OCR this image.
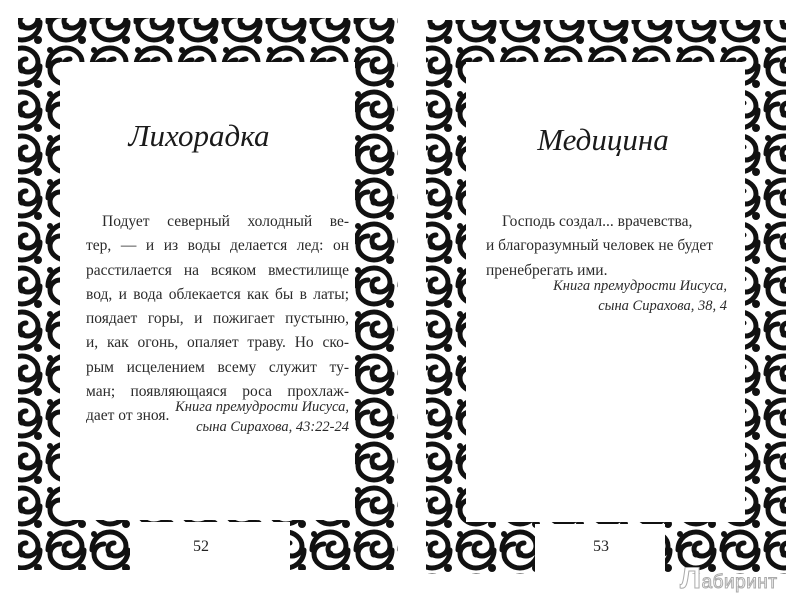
Лихорадка
Подует северный холодный ве-
тер, — и из воды делается лед: он
расстилается на всяком вместилище
вод, и вода облекается как бы в латы;
поядает горы, и пожигает пустыню,
и, как огонь, опаляет траву. Но ско-
рым исцелением всему служит ту-
ман; появляющаяся роса прохлаж-
дает от зноя.
Книга премудрости Иисуса,
сына Сирахова, 43:22-24
52
Медицина
Господь создал... врачевства,
и благоразумный человек не будет
пренебрегать ими.
Книга премудрости Иисуса,
сына Сирахова, 38, 4
53
Лабиринт
